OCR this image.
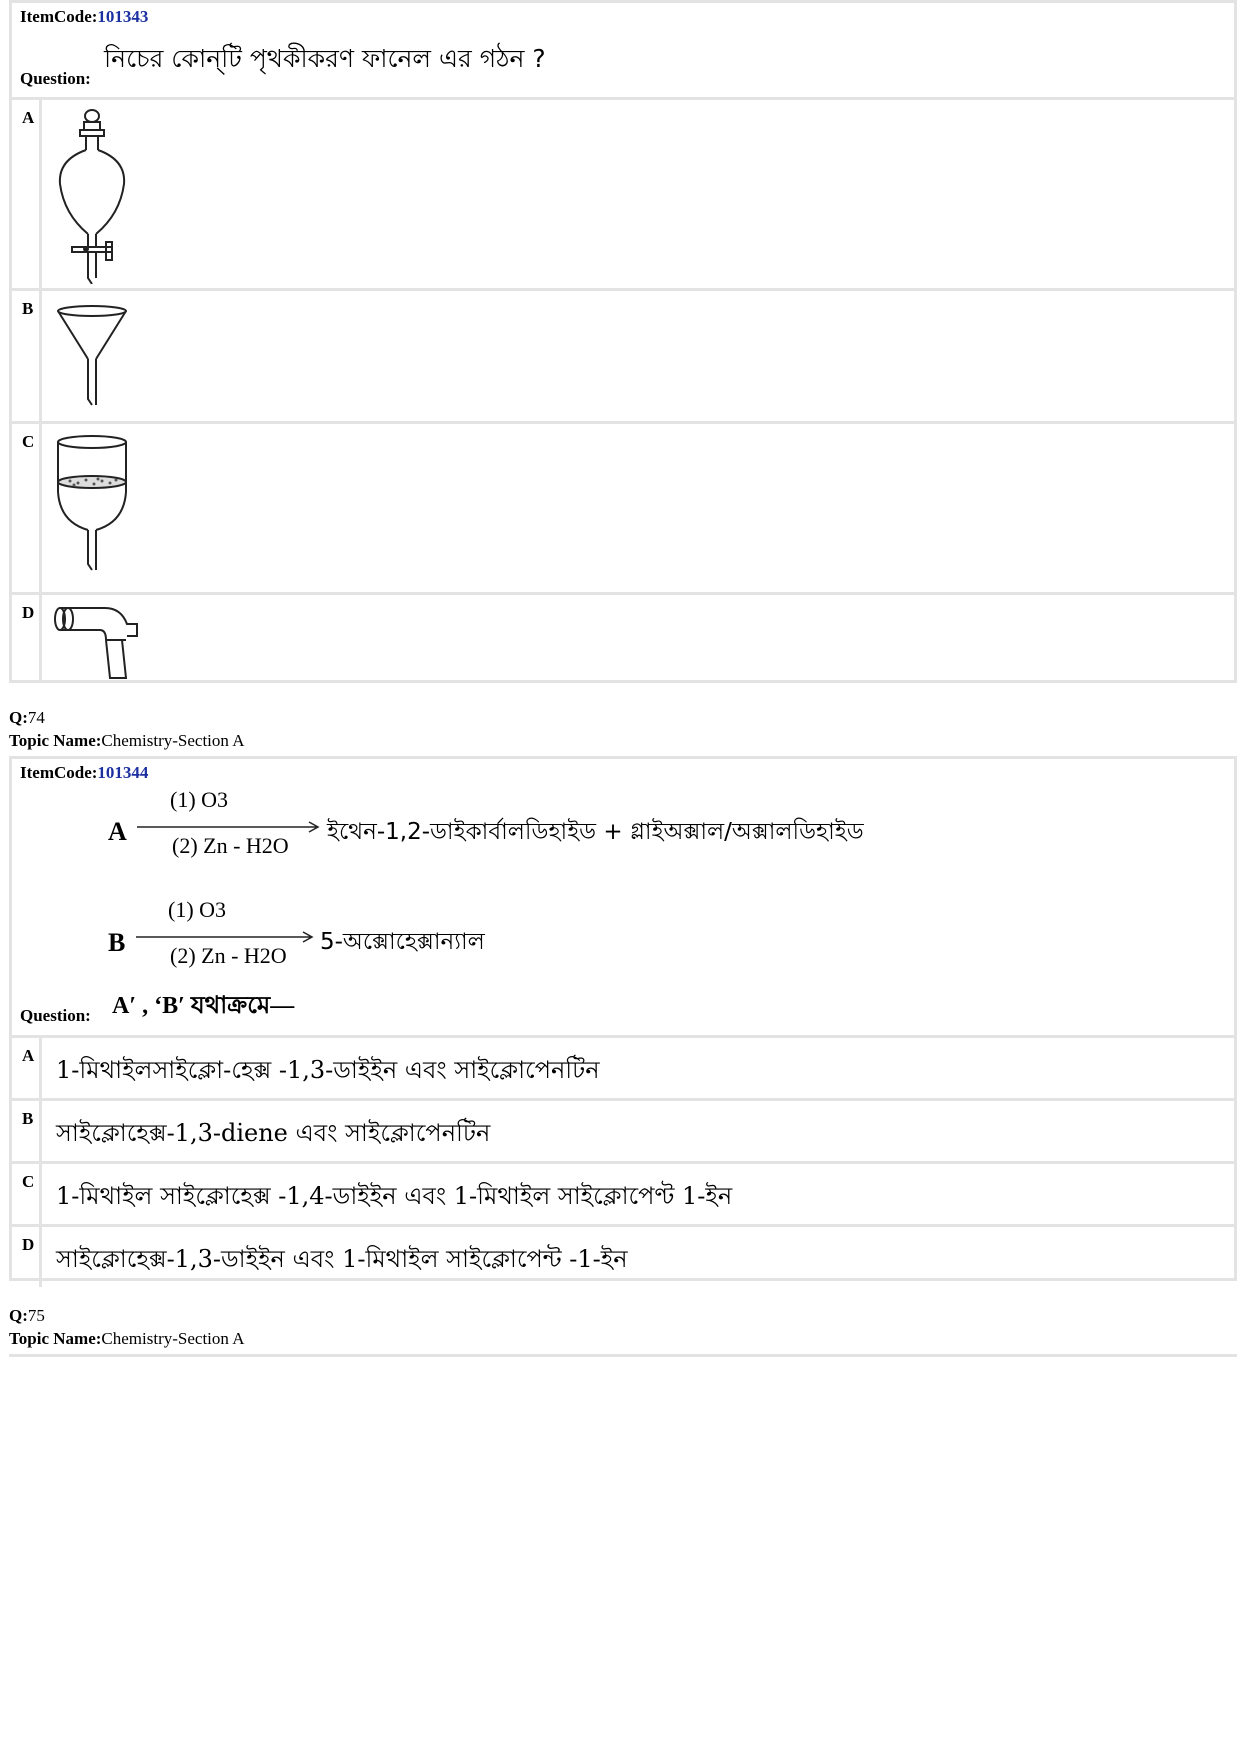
ItemCode:101343
Question:
নিচের কোন্‌টি পৃথকীকরণ ফানেল এর গঠন ?
A
B
C
D
Q:74
Topic Name:Chemistry-Section A
ItemCode:101344
A
(1) O3
(2) Zn - H2O
ইথেন-1,2-ডাইকার্বালডিহাইড + গ্লাইঅক্সাল/অক্সালডিহাইড
B
(1) O3
(2) Zn - H2O
5-অক্সোহেক্সান্যাল
Question: A′ , ‘B′ যথাক্রমে—
A
1-মিথাইলসাইক্লো-হেক্স -1,3-ডাইইন এবং সাইক্লোপেনটিন
B
সাইক্লোহেক্স-1,3-diene এবং সাইক্লোপেনটিন
C
1-মিথাইল সাইক্লোহেক্স -1,4-ডাইইন এবং 1-মিথাইল সাইক্লোপেণ্ট 1-ইন
D
সাইক্লোহেক্স-1,3-ডাইইন এবং 1-মিথাইল সাইক্লোপেন্ট -1-ইন
Q:75
Topic Name:Chemistry-Section A
